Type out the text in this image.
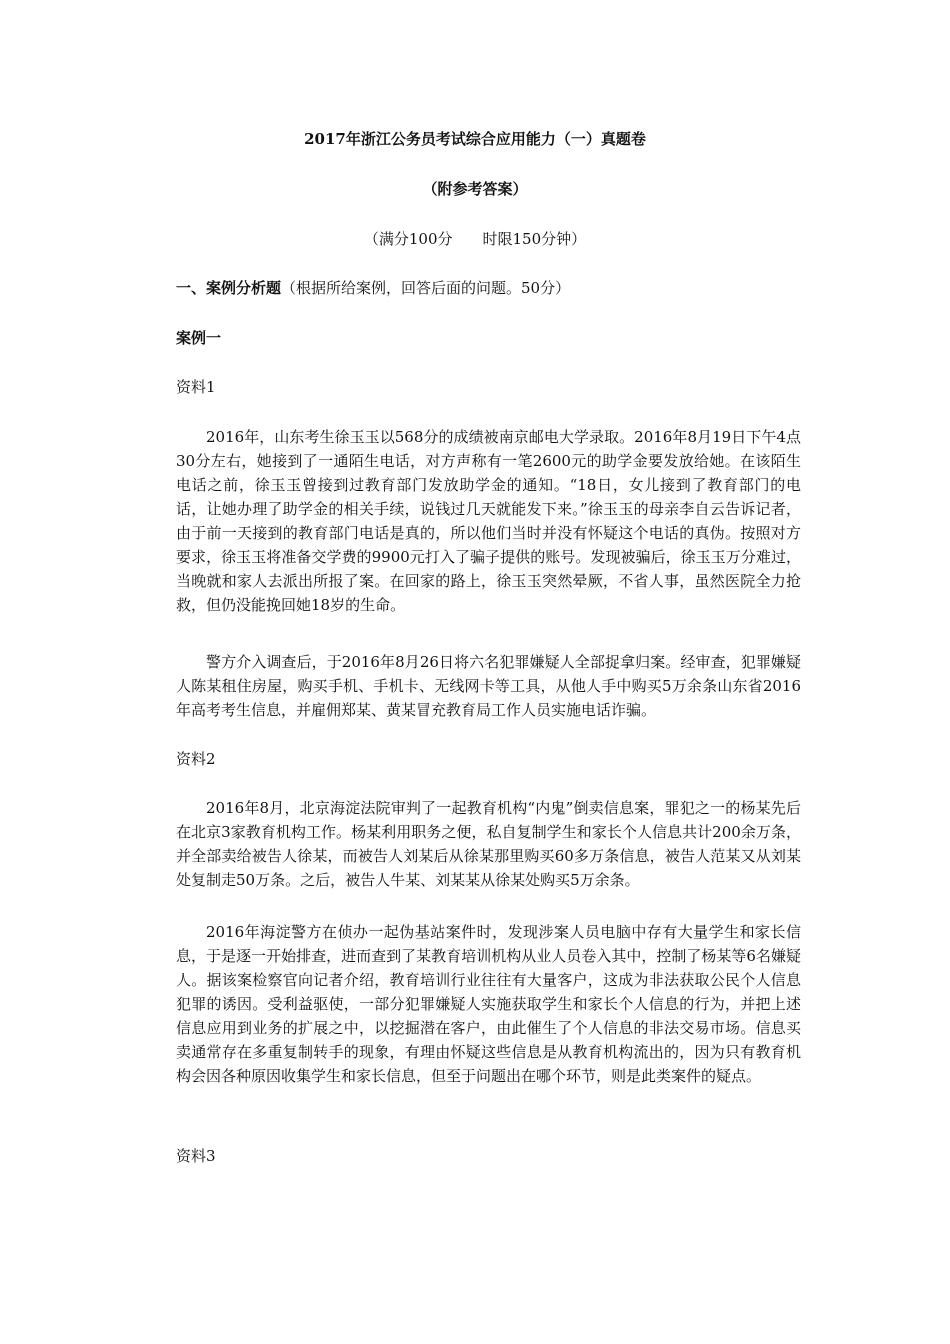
2017年浙江公务员考试综合应用能力（一）真题卷
（附参考答案）
（满分100分　　时限150分钟）
一、案例分析题（根据所给案例，回答后面的问题。50分）
案例一
资料1
2016年，山东考生徐玉玉以568分的成绩被南京邮电大学录取。2016年8月19日下午4点30分左右，她接到了一通陌生电话，对方声称有一笔2600元的助学金要发放给她。在该陌生电话之前，徐玉玉曾接到过教育部门发放助学金的通知。“18日，女儿接到了教育部门的电话，让她办理了助学金的相关手续，说钱过几天就能发下来。”徐玉玉的母亲李自云告诉记者，由于前一天接到的教育部门电话是真的，所以他们当时并没有怀疑这个电话的真伪。按照对方要求，徐玉玉将准备交学费的9900元打入了骗子提供的账号。发现被骗后，徐玉玉万分难过，当晚就和家人去派出所报了案。在回家的路上，徐玉玉突然晕厥，不省人事，虽然医院全力抢救，但仍没能挽回她18岁的生命。
警方介入调查后，于2016年8月26日将六名犯罪嫌疑人全部捉拿归案。经审查，犯罪嫌疑人陈某租住房屋，购买手机、手机卡、无线网卡等工具，从他人手中购买5万余条山东省2016年高考考生信息，并雇佣郑某、黄某冒充教育局工作人员实施电话诈骗。
资料2
2016年8月，北京海淀法院审判了一起教育机构“内鬼”倒卖信息案，罪犯之一的杨某先后在北京3家教育机构工作。杨某利用职务之便，私自复制学生和家长个人信息共计200余万条，并全部卖给被告人徐某，而被告人刘某后从徐某那里购买60多万条信息，被告人范某又从刘某处复制走50万条。之后，被告人牛某、刘某某从徐某处购买5万余条。
2016年海淀警方在侦办一起伪基站案件时，发现涉案人员电脑中存有大量学生和家长信息，于是逐一开始排查，进而查到了某教育培训机构从业人员卷入其中，控制了杨某等6名嫌疑人。据该案检察官向记者介绍，教育培训行业往往有大量客户，这成为非法获取公民个人信息犯罪的诱因。受利益驱使，一部分犯罪嫌疑人实施获取学生和家长个人信息的行为，并把上述信息应用到业务的扩展之中，以挖掘潜在客户，由此催生了个人信息的非法交易市场。信息买卖通常存在多重复制转手的现象，有理由怀疑这些信息是从教育机构流出的，因为只有教育机构会因各种原因收集学生和家长信息，但至于问题出在哪个环节，则是此类案件的疑点。
资料3
